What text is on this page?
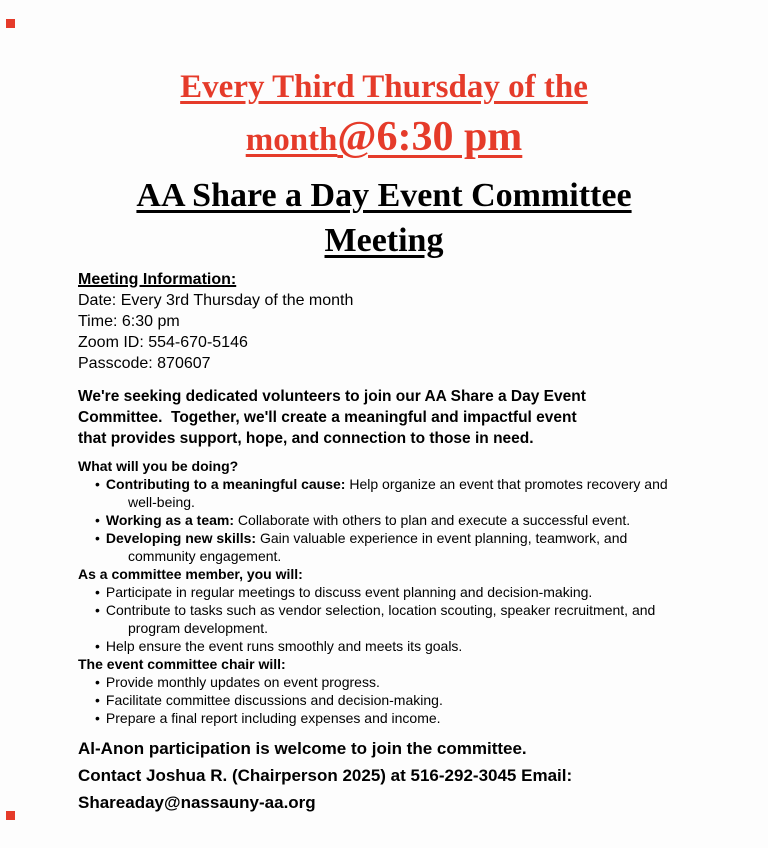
Every Third Thursday of the
month@6:30 pm
AA Share a Day Event Committee
Meeting
Meeting Information:
Date: Every 3rd Thursday of the month
Time: 6:30 pm
Zoom ID: 554-670-5146
Passcode: 870607
We're seeking dedicated volunteers to join our AA Share a Day Event
Committee.  Together, we'll create a meaningful and impactful event
that provides support, hope, and connection to those in need.
What will you be doing?
• Contributing to a meaningful cause: Help organize an event that promotes recovery and well-being.
• Working as a team: Collaborate with others to plan and execute a successful event.
• Developing new skills: Gain valuable experience in event planning, teamwork, and community engagement.
As a committee member, you will:
• Participate in regular meetings to discuss event planning and decision-making.
• Contribute to tasks such as vendor selection, location scouting, speaker recruitment, and program development.
• Help ensure the event runs smoothly and meets its goals.
The event committee chair will:
• Provide monthly updates on event progress.
• Facilitate committee discussions and decision-making.
• Prepare a final report including expenses and income.
Al-Anon participation is welcome to join the committee.
Contact Joshua R. (Chairperson 2025) at 516-292-3045 Email:
Shareaday@nassauny-aa.org
